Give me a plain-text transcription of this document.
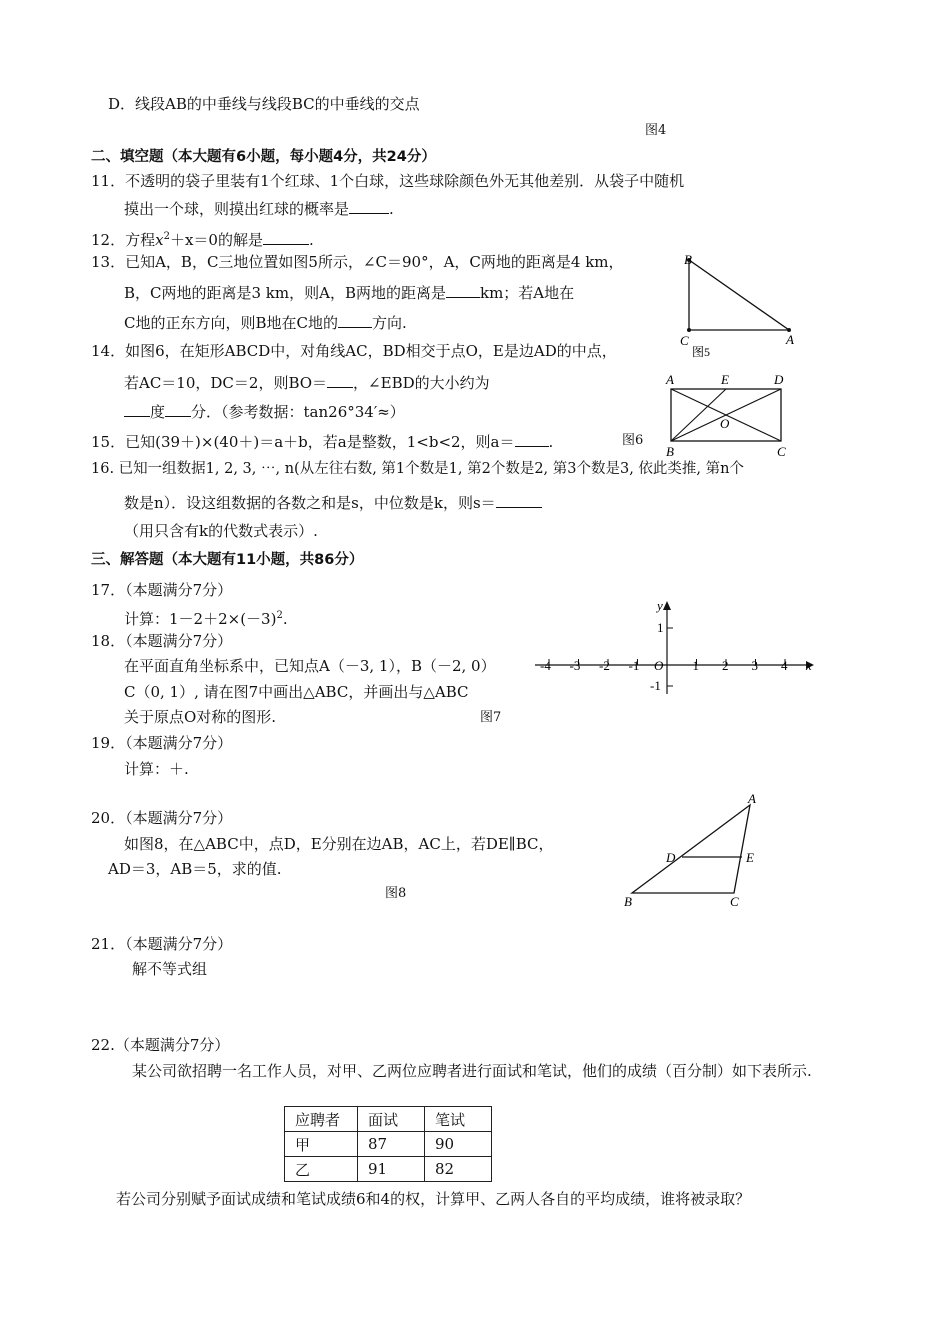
D．线段AB的中垂线与线段BC的中垂线的交点
图4
二、填空题（本大题有6小题，每小题4分，共24分）
11．不透明的袋子里装有1个红球、1个白球，这些球除颜色外无其他差别．从袋子中随机
摸出一个球，则摸出红球的概率是	.
12．方程$x^2+x=0$的解是	.
13．已知A，B，C三地位置如图5所示，∠C＝90°，A，C两地的距离是4 km，
B，C两地的距离是3 km，则A，B两地的距离是 km；若A地在
C地的正东方向，则B地在C地的 方向.
B
C	A
图5
14．如图6，在矩形ABCD中，对角线AC，BD相交于点O，E是边AD的中点，
若AC＝10，DC＝2，则BO＝ ，∠EBD的大小约为
度 分．（参考数据：tan26°34′≈）
A	E	D
O
B	C
15．已知(39＋)×(40＋)＝a＋b，若a是整数，1<b<2，则a＝ .	图6
16. 已知一组数据1, 2, 3, ⋯, n(从左往右数, 第1个数是1, 第2个数是2, 第3个数是3, 依此类推, 第n个
数是n）．设这组数据的各数之和是s，中位数是k，则s＝
（用只含有k的代数式表示）.
三、解答题（本大题有11小题，共86分）
17．（本题满分7分）
计算：$1-2+2\times(-3)^2$.
18．（本题满分7分）
在平面直角坐标系中，已知点A（－3, 1），B（－2, 0）
C（0, 1）, 请在图7中画出△ABC，并画出与△ABC
关于原点O对称的图形.	图7
-4 -3 -2 -1	1 2 3 4
1
-1
y
x
O
19．（本题满分7分）
计算：＋.
20．（本题满分7分）
如图8，在△ABC中，点D，E分别在边AB，AC上，若DE∥BC，
AD＝3，AB＝5，求的值.
图8
A
D	E
B	C
21．（本题满分7分）
解不等式组
22.（本题满分7分）
某公司欲招聘一名工作人员，对甲、乙两位应聘者进行面试和笔试，他们的成绩（百分制）如下表所示.
应聘者	面试	笔试
甲	87	90
乙	91	82
若公司分别赋予面试成绩和笔试成绩6和4的权，计算甲、乙两人各自的平均成绩，谁将被录取？
